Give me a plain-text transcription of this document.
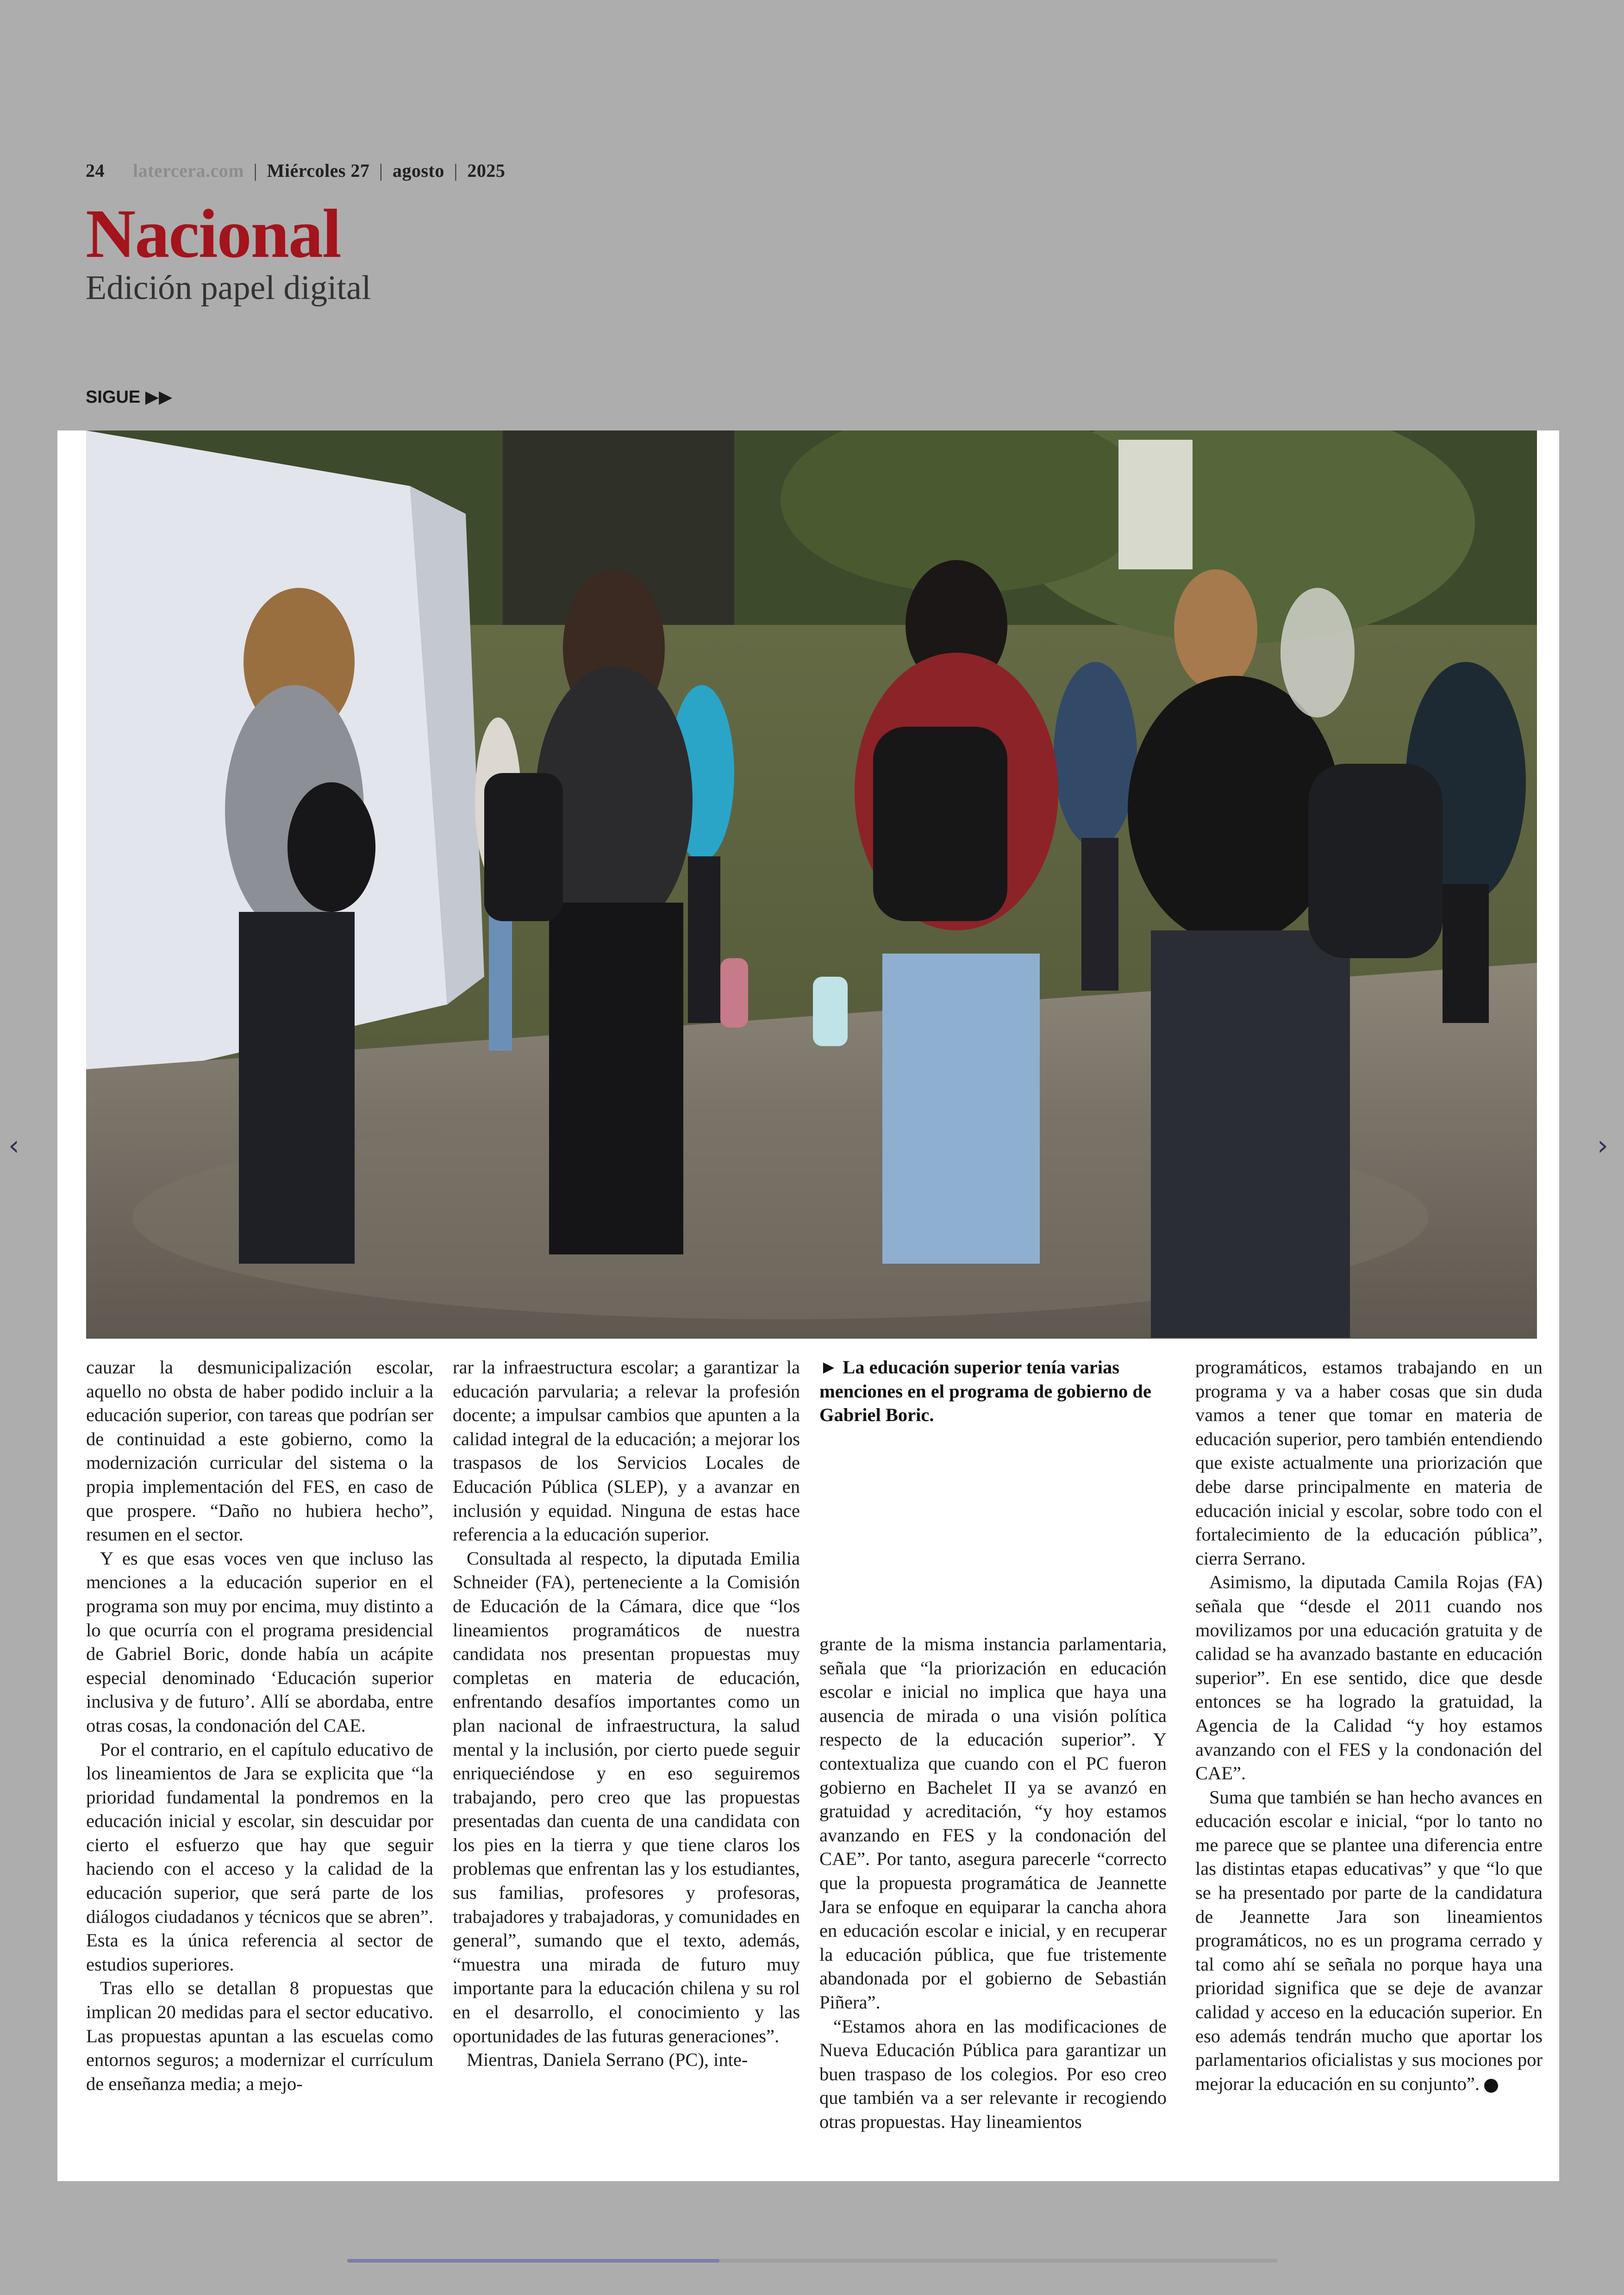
24 latercera.com | Miércoles 27 | agosto | 2025
Nacional
Edición papel digital
SIGUE ▶▶
‹	›

cauzar la desmunicipalización escolar, aquello no obsta de haber podido incluir a la educación superior, con tareas que podrían ser de continuidad a este gobierno, como la modernización curricular del sistema o la propia implementación del FES, en caso de que prospere. “Daño no hubiera hecho”, resumen en el sector.

Y es que esas voces ven que incluso las menciones a la educación superior en el programa son muy por encima, muy distinto a lo que ocurría con el programa presidencial de Gabriel Boric, donde había un acápite especial denominado ‘Educación superior inclusiva y de futuro’. Allí se abordaba, entre otras cosas, la condonación del CAE.

Por el contrario, en el capítulo educativo de los lineamientos de Jara se explicita que “la prioridad fundamental la pondremos en la educación inicial y escolar, sin descuidar por cierto el esfuerzo que hay que seguir haciendo con el acceso y la calidad de la educación superior, que será parte de los diálogos ciudadanos y técnicos que se abren”. Esta es la única referencia al sector de estudios superiores.

Tras ello se detallan 8 propuestas que implican 20 medidas para el sector educativo. Las propuestas apuntan a las escuelas como entornos seguros; a modernizar el currículum de enseñanza media; a mejo-

rar la infraestructura escolar; a garantizar la educación parvularia; a relevar la profesión docente; a impulsar cambios que apunten a la calidad integral de la educación; a mejorar los traspasos de los Servicios Locales de Educación Pública (SLEP), y a avanzar en inclusión y equidad. Ninguna de estas hace referencia a la educación superior.

Consultada al respecto, la diputada Emilia Schneider (FA), perteneciente a la Comisión de Educación de la Cámara, dice que “los lineamientos programáticos de nuestra candidata nos presentan propuestas muy completas en materia de educación, enfrentando desafíos importantes como un plan nacional de infraestructura, la salud mental y la inclusión, por cierto puede seguir enriqueciéndose y en eso seguiremos trabajando, pero creo que las propuestas presentadas dan cuenta de una candidata con los pies en la tierra y que tiene claros los problemas que enfrentan las y los estudiantes, sus familias, profesores y profesoras, trabajadores y trabajadoras, y comunidades en general”, sumando que el texto, además, “muestra una mirada de futuro muy importante para la educación chilena y su rol en el desarrollo, el conocimiento y las oportunidades de las futuras generaciones”.

Mientras, Daniela Serrano (PC), inte-

► La educación superior tenía varias menciones en el programa de gobierno de Gabriel Boric.

grante de la misma instancia parlamentaria, señala que “la priorización en educación escolar e inicial no implica que haya una ausencia de mirada o una visión política respecto de la educación superior”. Y contextualiza que cuando con el PC fueron gobierno en Bachelet II ya se avanzó en gratuidad y acreditación, “y hoy estamos avanzando en FES y la condonación del CAE”. Por tanto, asegura parecerle “correcto que la propuesta programática de Jeannette Jara se enfoque en equiparar la cancha ahora en educación escolar e inicial, y en recuperar la educación pública, que fue tristemente abandonada por el gobierno de Sebastián Piñera”.

“Estamos ahora en las modificaciones de Nueva Educación Pública para garantizar un buen traspaso de los colegios. Por eso creo que también va a ser relevante ir recogiendo otras propuestas. Hay lineamientos

programáticos, estamos trabajando en un programa y va a haber cosas que sin duda vamos a tener que tomar en materia de educación superior, pero también entendiendo que existe actualmente una priorización que debe darse principalmente en materia de educación inicial y escolar, sobre todo con el fortalecimiento de la educación pública”, cierra Serrano.

Asimismo, la diputada Camila Rojas (FA) señala que “desde el 2011 cuando nos movilizamos por una educación gratuita y de calidad se ha avanzado bastante en educación superior”. En ese sentido, dice que desde entonces se ha logrado la gratuidad, la Agencia de la Calidad “y hoy estamos avanzando con el FES y la condonación del CAE”.

Suma que también se han hecho avances en educación escolar e inicial, “por lo tanto no me parece que se plantee una diferencia entre las distintas etapas educativas” y que “lo que se ha presentado por parte de la candidatura de Jeannette Jara son lineamientos programáticos, no es un programa cerrado y tal como ahí se señala no porque haya una prioridad significa que se deje de avanzar calidad y acceso en la educación superior. En eso además tendrán mucho que aportar los parlamentarios oficialistas y sus mociones por mejorar la educación en su conjunto”.
